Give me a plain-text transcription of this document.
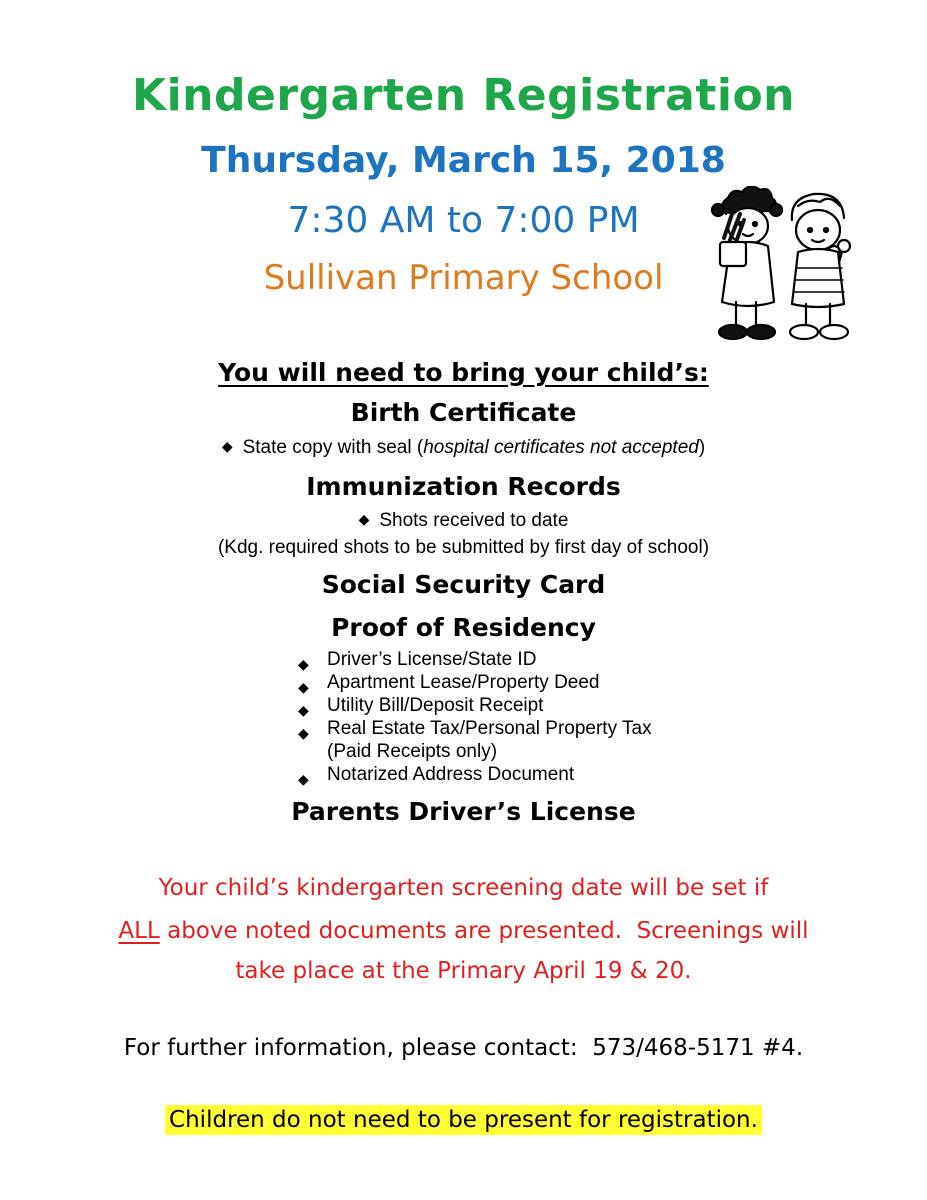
Kindergarten Registration
Thursday, March 15, 2018
7:30 AM to 7:00 PM
Sullivan Primary School
You will need to bring your child’s:
Birth Certificate
◆ State copy with seal (hospital certificates not accepted)
Immunization Records
◆ Shots received to date
(Kdg. required shots to be submitted by first day of school)
Social Security Card
Proof of Residency
◆ Driver’s License/State ID
◆ Apartment Lease/Property Deed
◆ Utility Bill/Deposit Receipt
◆ Real Estate Tax/Personal Property Tax
(Paid Receipts only)
◆ Notarized Address Document
Parents Driver’s License
Your child’s kindergarten screening date will be set if
ALL above noted documents are presented.  Screenings will
take place at the Primary April 19 & 20.
For further information, please contact:  573/468-5171 #4.
Children do not need to be present for registration.
